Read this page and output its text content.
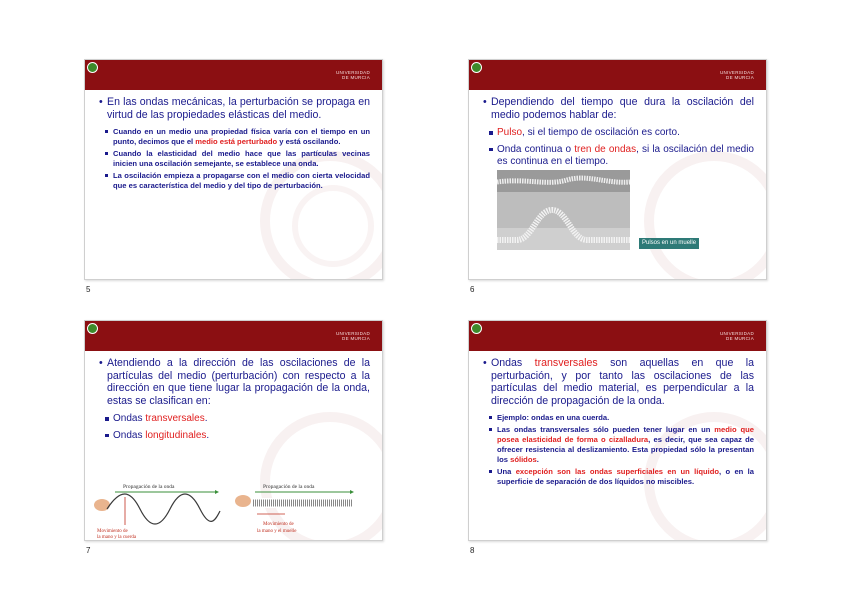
UNIVERSIDAD
DE MURCIA
• En las ondas mecánicas, la perturbación se propaga en virtud de las propiedades elásticas del medio.
Cuando en un medio una propiedad física varía con el tiempo en un punto, decimos que el medio está perturbado y está oscilando.
Cuando la elasticidad del medio hace que las partículas vecinas inicien una oscilación semejante, se establece una onda.
La oscilación empieza a propagarse con el medio con cierta velocidad que es característica del medio y del tipo de perturbación.
5
UNIVERSIDAD
DE MURCIA
• Dependiendo del tiempo que dura la oscilación del medio podemos hablar de:
Pulso, si el tiempo de oscilación es corto.
Onda continua o tren de ondas, si la oscilación del medio es continua en el tiempo.
Pulsos en un muelle
6
UNIVERSIDAD
DE MURCIA
• Atendiendo a la dirección de las oscilaciones de la partículas del medio (perturbación) con respecto a la dirección en que tiene lugar la propagación de la onda, estas se clasifican en:
Ondas transversales.
Ondas longitudinales.
Propagación de la onda
Movimiento de
la mano y la cuerda
Propagación de la onda
Movimiento de
la mano y el muelle
7
UNIVERSIDAD
DE MURCIA
• Ondas transversales son aquellas en que la perturbación, y por tanto las oscilaciones de las partículas del medio material, es perpendicular a la dirección de propagación de la onda.
Ejemplo: ondas en una cuerda.
Las ondas transversales sólo pueden tener lugar en un medio que posea elasticidad de forma o cizalladura, es decir, que sea capaz de ofrecer resistencia al deslizamiento. Esta propiedad sólo la presentan los sólidos.
Una excepción son las ondas superficiales en un líquido, o en la superficie de separación de dos líquidos no miscibles.
8
